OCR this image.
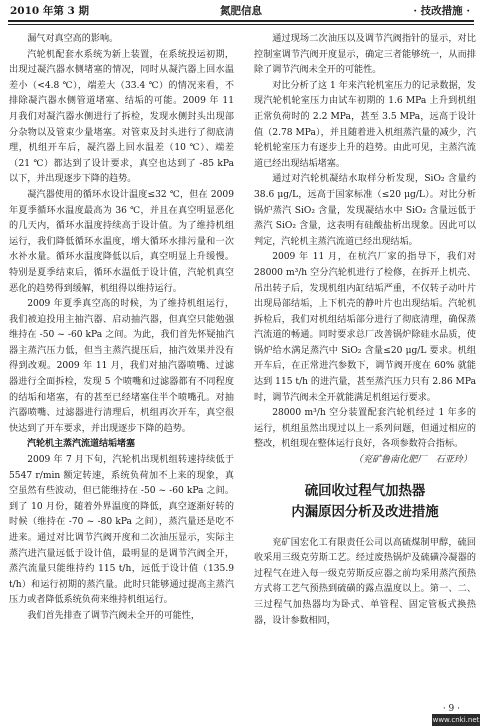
2010 年第 3 期	氮肥信息	· 技改措施 ·

漏气对真空高的影响。

汽轮机配套水系统为新上装置，在系统投运初期，出现过凝汽器水侧堵塞的情况，同时从凝汽器上回水温差小（<4.8 ℃），端差大（33.4 ℃）的情况来看，不排除凝汽器水侧管道堵塞、结垢的可能。2009 年 11 月我们对凝汽器水侧进行了拆检，发现水侧封头出现部分杂物以及管束少量堵塞。对管束及封头进行了彻底清理，机组开车后，凝汽器上回水温差（10 ℃）、端差（21 ℃）都达到了设计要求，真空也达到了 -85 kPa 以下，并出现逐步下降的趋势。

凝汽器使用的循环水设计温度≤32 ℃，但在 2009 年夏季循环水温度最高为 36 ℃，并且在真空明显恶化的几天内，循环水温度持续高于设计值。为了维持机组运行，我们降低循环水温度，增大循环水排污量和一次水补水量。循环水温度降低以后，真空明显上升缓慢。特别是夏季结束后，循环水温低于设计值，汽轮机真空恶化的趋势得到缓解，机组得以维持运行。

2009 年夏季真空高的时候，为了维持机组运行，我们被迫投用主抽汽器、启动抽汽器，但真空只能勉强维持在 -50 ~ -60 kPa 之间。为此，我们首先怀疑抽汽器主蒸汽压力低，但当主蒸汽提压后，抽汽效果并没有得到改观。2009 年 11 月，我们对抽汽器喷嘴、过滤器进行全面拆检，发现 5 个喷嘴和过滤器都有不同程度的结垢和堵塞，有的甚至已经堵塞住半个喷嘴孔。对抽汽器喷嘴、过滤器进行清理后，机组再次开车，真空很快达到了开车要求，并出现逐步下降的趋势。

汽轮机主蒸汽流道结垢堵塞

2009 年 7 月下旬，汽轮机出现机组转速持续低于 5547 r/min 额定转速，系统负荷加不上来的现象，真空虽然有些波动，但已能维持在 -50 ~ -60 kPa 之间。到了 10 月份，随着外界温度的降低，真空逐渐好转的时候（维持在 -70 ~ -80 kPa 之间），蒸汽量还是吃不进来。通过对比调节汽阀开度和二次油压显示，实际主蒸汽进汽量远低于设计值，最明显的是调节汽阀全开，蒸汽流量只能维持约 115 t/h，远低于设计值（135.9 t/h）和运行初期的蒸汽量。此时只能够通过提高主蒸汽压力或者降低系统负荷来维持机组运行。

我们首先排查了调节汽阀未全开的可能性，

通过现场二次油压以及调节汽阀指针的显示，对比控制室调节汽阀开度显示，确定三者能够统一，从而排除了调节汽阀未全开的可能性。

对比分析了这 1 年来汽轮机室压力的记录数据，发现汽轮机轮室压力由试车初期的 1.6 MPa 上升到机组正常负荷时的 2.2 MPa，甚至 3.5 MPa，远高于设计值（2.78 MPa），并且随着进入机组蒸汽量的减少，汽轮机轮室压力有逐步上升的趋势。由此可见，主蒸汽流道已经出现结垢堵塞。

通过对汽轮机凝结水取样分析发现，SiO₂ 含量约 38.6 μg/L，远高于国家标准（≤20 μg/L）。对比分析锅炉蒸汽 SiO₂ 含量，发现凝结水中 SiO₂ 含量远低于蒸汽 SiO₂ 含量，这表明有硅酸盐析出现象。因此可以判定，汽轮机主蒸汽流道已经出现结垢。

2009 年 11 月，在杭汽厂家的指导下，我们对 28000 m³/h 空分汽轮机进行了检修，在拆开上机壳、吊出转子后，发现机组内缸结垢严重，不仅转子动叶片出现局部结垢，上下机壳的静叶片也出现结垢。汽轮机拆检后，我们对机组结垢部分进行了彻底清理，确保蒸汽流道的畅通。同时要求总厂改善锅炉除硅水品质，使锅炉给水满足蒸汽中 SiO₂ 含量≤20 μg/L 要求。机组开车后，在正常进汽参数下，调节阀开度在 60% 就能达到 115 t/h 的进汽量，甚至蒸汽压力只有 2.86 MPa 时，调节汽阀未全开就能满足机组运行要求。

28000 m³/h 空分装置配套汽轮机经过 1 年多的运行，机组虽然出现过以上一系列问题，但通过相应的整改，机组现在整体运行良好，各项参数符合指标。

（兖矿鲁南化肥厂　石亚玲）

硫回收过程气加热器

内漏原因分析及改进措施

兖矿国宏化工有限责任公司以高硫煤制甲醇，硫回收采用三级克劳斯工艺。经过废热锅炉及硫磺冷凝器的过程气在进入每一级克劳斯反应器之前均采用蒸汽预热方式将工艺气预热到硫磺的露点温度以上。第一、二、三过程气加热器均为卧式、单管程、固定管板式换热器，设计参数相同，

· 9 ·
www.cnki.net
